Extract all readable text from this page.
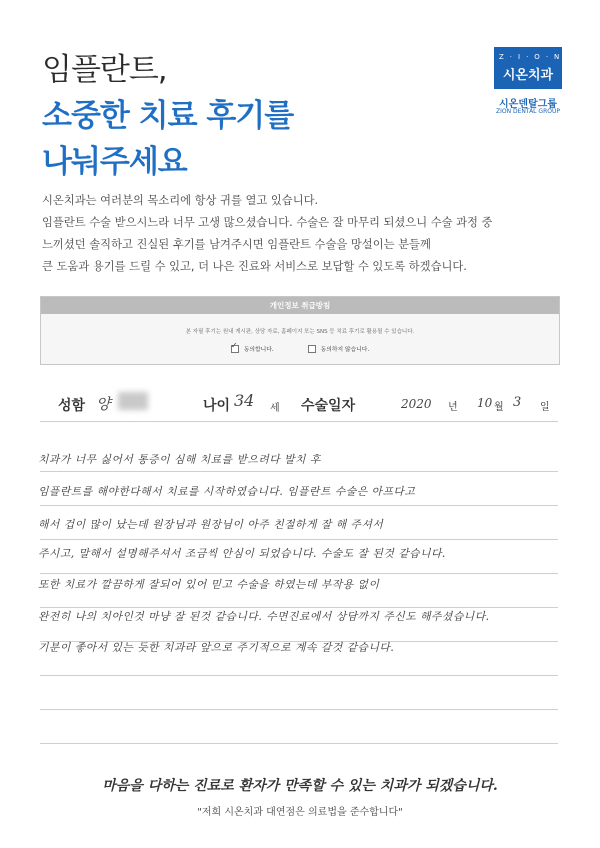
임플란트,
소중한 치료 후기를
나눠주세요
Z·I·O·N
시온치과
시온덴탈그룹
ZION DENTAL GROUP
시온치과는 여러분의 목소리에 항상 귀를 열고 있습니다.
임플란트 수술 받으시느라 너무 고생 많으셨습니다. 수술은 잘 마무리 되셨으니 수술 과정 중
느끼셨던 솔직하고 진실된 후기를 남겨주시면 임플란트 수술을 망설이는 분들께
큰 도움과 용기를 드릴 수 있고, 더 나은 진료와 서비스로 보답할 수 있도록 하겠습니다.
개인정보 취급방침
본 자필 후기는 원내 게시판, 상담 자료, 홈페이지 또는 SNS 등 치료 후기로 활용될 수 있습니다.
✓
동의합니다.	동의하지 않습니다.
성함 양	나이 34 세 수술일자	2020 년 10 월 3 일
치과가 너무 싫어서 통증이 심해 치료를 받으려다 발치 후
임플란트를 해야한다해서 치료를 시작하였습니다. 임플란트 수술은 아프다고
해서 겁이 많이 났는데 원장님과 원장님이 아주 친절하게 잘 해 주셔서
주시고, 말해서 설명해주셔서 조금씩 안심이 되었습니다. 수술도 잘 된것 같습니다.
또한 치료가 깔끔하게 잘되어 있어 믿고 수술을 하였는데 부작용 없이
완전히 나의 치아인것 마냥 잘 된것 같습니다. 수면진료에서 상담까지 주신도 해주셨습니다.
기분이 좋아서 있는 듯한 치과라 앞으로 주기적으로 계속 갈것 같습니다.
마음을 다하는 진료로 환자가 만족할 수 있는 치과가 되겠습니다.
"저희 시온치과 대연점은 의료법을 준수합니다"
